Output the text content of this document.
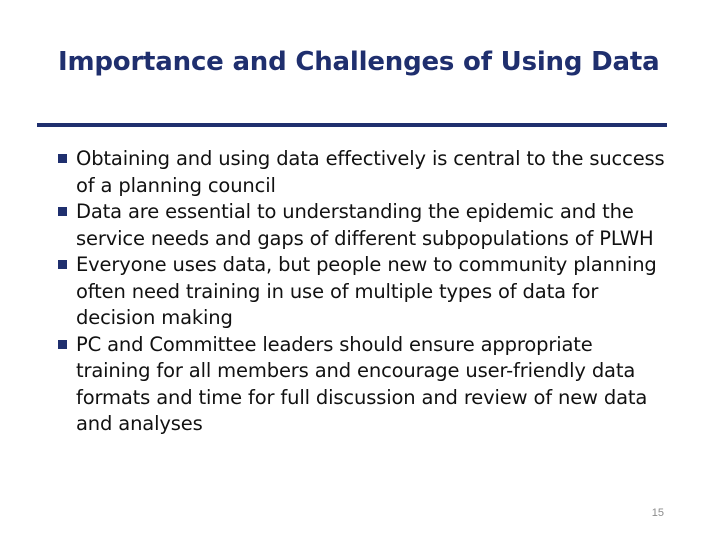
Importance and Challenges of Using Data
Obtaining and using data effectively is central to the success of a planning council
Data are essential to understanding the epidemic and the service needs and gaps of different subpopulations of PLWH
Everyone uses data, but people new to community planning often need training in use of multiple types of data for decision making
PC and Committee leaders should ensure appropriate training for all members and encourage user-friendly data formats and time for full discussion and review of new data and analyses
15
